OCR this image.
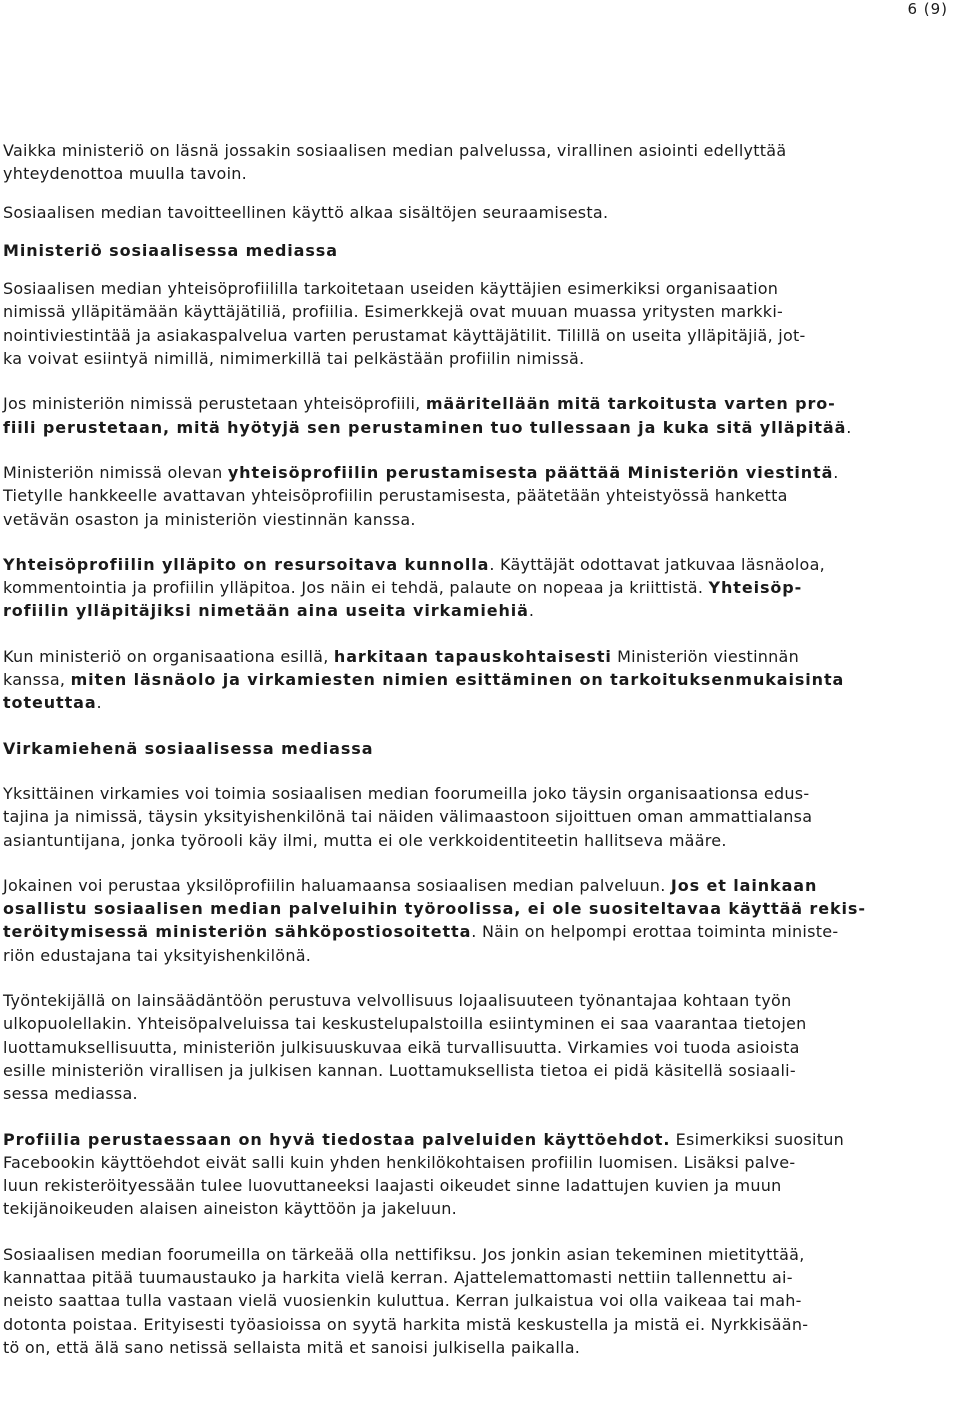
6 (9)

Vaikka ministeriö on läsnä jossakin sosiaalisen median palvelussa, virallinen asiointi edellyttää
yhteydenottoa muulla tavoin.

Sosiaalisen median tavoitteellinen käyttö alkaa sisältöjen seuraamisesta.

Ministeriö sosiaalisessa mediassa

Sosiaalisen median yhteisöprofiililla tarkoitetaan useiden käyttäjien esimerkiksi organisaation
nimissä ylläpitämään käyttäjätiliä, profiilia. Esimerkkejä ovat muuan muassa yritysten markki-
nointiviestintää ja asiakaspalvelua varten perustamat käyttäjätilit. Tilillä on useita ylläpitäjiä, jot-
ka voivat esiintyä nimillä, nimimerkillä tai pelkästään profiilin nimissä.

Jos ministeriön nimissä perustetaan yhteisöprofiili, määritellään mitä tarkoitusta varten pro-
fiili perustetaan, mitä hyötyjä sen perustaminen tuo tullessaan ja kuka sitä ylläpitää.

Ministeriön nimissä olevan yhteisöprofiilin perustamisesta päättää Ministeriön viestintä.
Tietylle hankkeelle avattavan yhteisöprofiilin perustamisesta, päätetään yhteistyössä hanketta
vetävän osaston ja ministeriön viestinnän kanssa.

Yhteisöprofiilin ylläpito on resursoitava kunnolla. Käyttäjät odottavat jatkuvaa läsnäoloa,
kommentointia ja profiilin ylläpitoa. Jos näin ei tehdä, palaute on nopeaa ja kriittistä. Yhteisöp-
rofiilin ylläpitäjiksi nimetään aina useita virkamiehiä.

Kun ministeriö on organisaationa esillä, harkitaan tapauskohtaisesti Ministeriön viestinnän
kanssa, miten läsnäolo ja virkamiesten nimien esittäminen on tarkoituksenmukaisinta
toteuttaa.

Virkamiehenä sosiaalisessa mediassa

Yksittäinen virkamies voi toimia sosiaalisen median foorumeilla joko täysin organisaationsa edus-
tajina ja nimissä, täysin yksityishenkilönä tai näiden välimaastoon sijoittuen oman ammattialansa
asiantuntijana, jonka työrooli käy ilmi, mutta ei ole verkkoidentiteetin hallitseva määre.

Jokainen voi perustaa yksilöprofiilin haluamaansa sosiaalisen median palveluun. Jos et lainkaan
osallistu sosiaalisen median palveluihin työroolissa, ei ole suositeltavaa käyttää rekis-
teröitymisessä ministeriön sähköpostiosoitetta. Näin on helpompi erottaa toiminta ministe-
riön edustajana tai yksityishenkilönä.

Työntekijällä on lainsäädäntöön perustuva velvollisuus lojaalisuuteen työnantajaa kohtaan työn
ulkopuolellakin. Yhteisöpalveluissa tai keskustelupalstoilla esiintyminen ei saa vaarantaa tietojen
luottamuksellisuutta, ministeriön julkisuuskuvaa eikä turvallisuutta. Virkamies voi tuoda asioista
esille ministeriön virallisen ja julkisen kannan. Luottamuksellista tietoa ei pidä käsitellä sosiaali-
sessa mediassa.

Profiilia perustaessaan on hyvä tiedostaa palveluiden käyttöehdot. Esimerkiksi suositun
Facebookin käyttöehdot eivät salli kuin yhden henkilökohtaisen profiilin luomisen. Lisäksi palve-
luun rekisteröityessään tulee luovuttaneeksi laajasti oikeudet sinne ladattujen kuvien ja muun
tekijänoikeuden alaisen aineiston käyttöön ja jakeluun.

Sosiaalisen median foorumeilla on tärkeää olla nettifiksu. Jos jonkin asian tekeminen mietityttää,
kannattaa pitää tuumaustauko ja harkita vielä kerran. Ajattelemattomasti nettiin tallennettu ai-
neisto saattaa tulla vastaan vielä vuosienkin kuluttua. Kerran julkaistua voi olla vaikeaa tai mah-
dotonta poistaa. Erityisesti työasioissa on syytä harkita mistä keskustella ja mistä ei. Nyrkkisään-
tö on, että älä sano netissä sellaista mitä et sanoisi julkisella paikalla.
